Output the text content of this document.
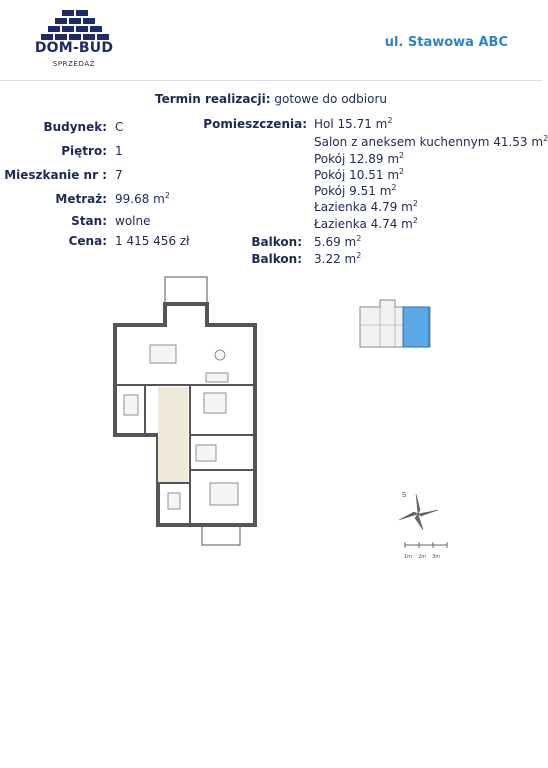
DOM-BUD
SPRZEDAŻ
ul. Stawowa ABC
Termin realizacji: gotowe do odbioru
Budynek: C
Piętro: 1
Mieszkanie nr : 7
Metraż: 99.68 $m^2$
Stan: wolne
Cena: 1 415 456 zł
Pomieszczenia: Hol 15.71 $m^2$
Salon z aneksem kuchennym 41.53 $m^2$
Pokój 12.89 $m^2$
Pokój 10.51 $m^2$
Pokój 9.51 $m^2$
Łazienka 4.79 $m^2$
Łazienka 4.74 $m^2$
Balkon: 5.69 $m^2$
Balkon: 3.22 $m^2$
S
1m 2m 3m
